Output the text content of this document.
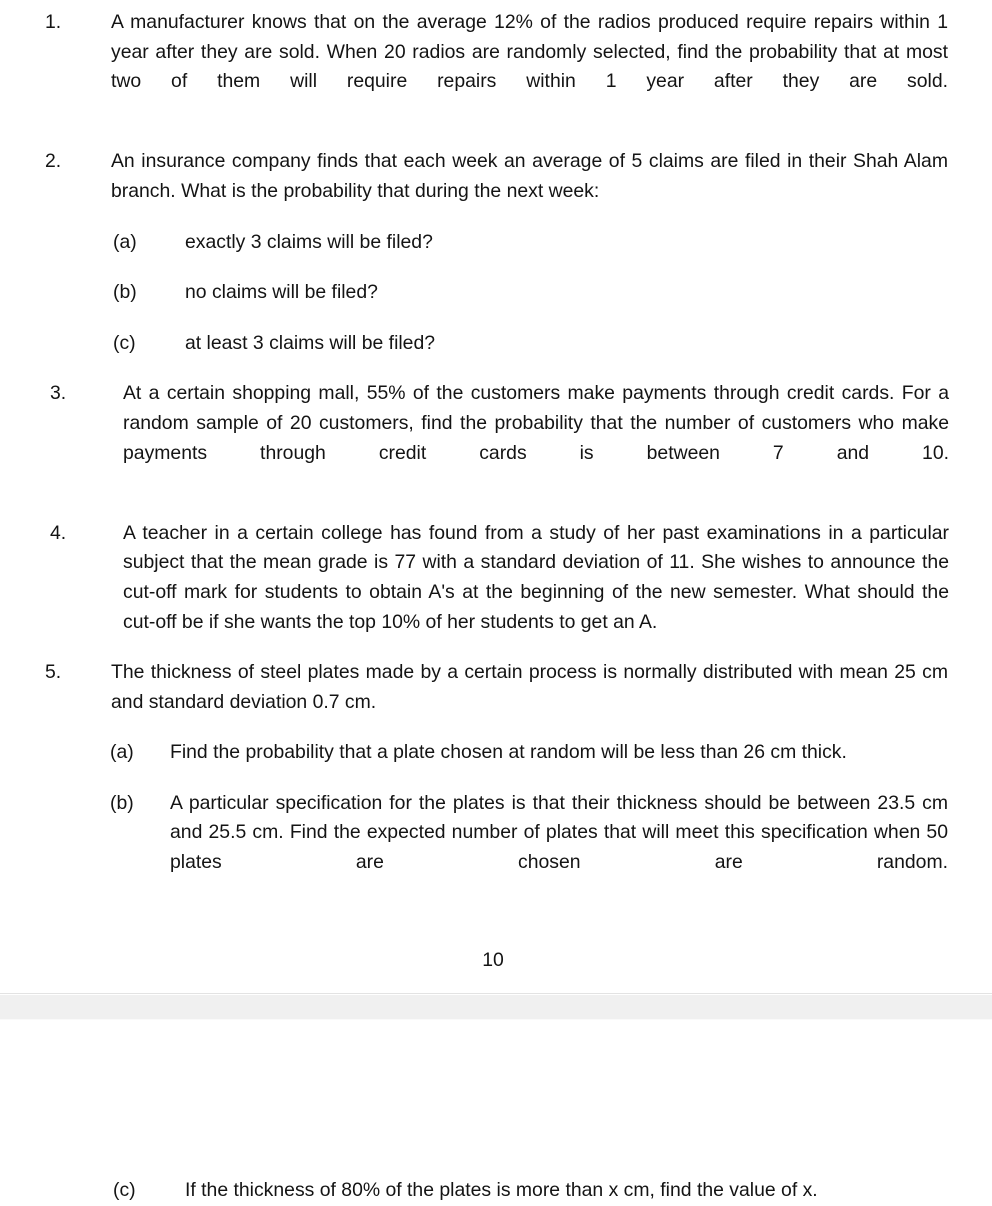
1.	A manufacturer knows that on the average 12% of the radios produced require repairs within 1 year after they are sold. When 20 radios are randomly selected, find the probability that at most two of them will require repairs within 1 year after they are sold.
2.	An insurance company finds that each week an average of 5 claims are filed in their Shah Alam branch. What is the probability that during the next week:
(a)	exactly 3 claims will be filed?
(b)	no claims will be filed?
(c)	at least 3 claims will be filed?
3.	At a certain shopping mall, 55% of the customers make payments through credit cards. For a random sample of 20 customers, find the probability that the number of customers who make payments through credit cards is between 7 and 10.
4.	A teacher in a certain college has found from a study of her past examinations in a particular subject that the mean grade is 77 with a standard deviation of 11. She wishes to announce the cut-off mark for students to obtain A's at the beginning of the new semester. What should the cut-off be if she wants the top 10% of her students to get an A.
5.	The thickness of steel plates made by a certain process is normally distributed with mean 25 cm and standard deviation 0.7 cm.
(a)	Find the probability that a plate chosen at random will be less than 26 cm thick.
(b)	A particular specification for the plates is that their thickness should be between 23.5 cm and 25.5 cm. Find the expected number of plates that will meet this specification when 50 plates are chosen are random.
10
(c)	If the thickness of 80% of the plates is more than x cm, find the value of x.
